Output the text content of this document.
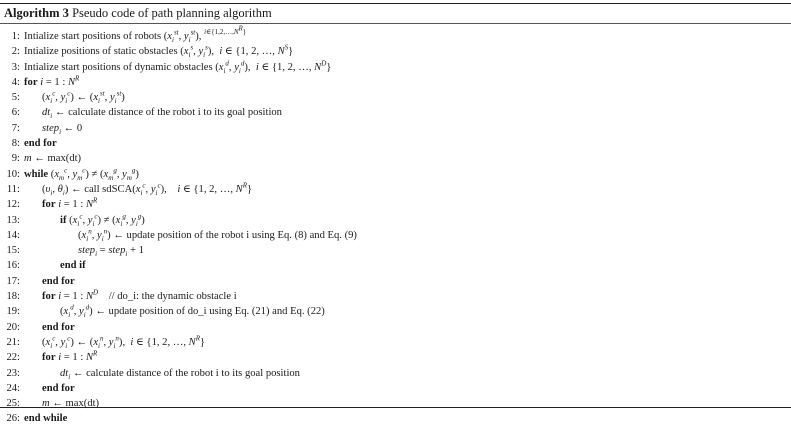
Algorithm 3 Pseudo code of path planning algorithm
1: Intialize start positions of robots ($x_i^{st}$, $y_i^{st}$), $^{i\in\{1,2,\dots,N^R\}}$
2: Intialize positions of static obstacles ($x_i^s$, $y_i^s$),  i ∈ {1, 2, …, $N^S$}
3: Intialize start positions of dynamic obstacles ($x_i^d$, $y_i^d$),  i ∈ {1, 2, …, $N^D$}
4: for i = 1 : $N^R$
5:	($x_i^c$, $y_i^c$) ← ($x_i^{st}$, $y_i^{st}$)
6:	$dt_i$ ← calculate distance of the robot i to its goal position
7:	step$_i$ ← 0
8: end for
9: m ← max(dt)
10: while ($x_m^c$, $y_m^c) \ne (x_m^g$, $y_m^g$)
11:	($\upsilon_i$, $\theta_i$) ← call $sdSCA(x_i^c$, $y_i^c$),    i ∈ {1, 2, …, $N^R$}
12:	for i = 1 : $N^R$
13:	if ($x_i^c$, $y_i^c) \ne (x_i^g$, $y_i^g$)
14:	($x_i^n$, $y_i^n$) ← update position of the robot i using Eq. (8) and Eq. (9)
15:	step$_i$ = step$_i$ + 1
16:	end if
17:	end for
18:	for i = 1 : $N^D$    // do_i: the dynamic obstacle i
19:	($x_i^d$, $y_i^d$) ← update position of do_i using Eq. (21) and Eq. (22)
20:	end for
21:	($x_i^c$, $y_i^c$) ← ($x_i^n$, $y_i^n$),  i ∈ {1, 2, …, $N^R$}
22:	for i = 1 : $N^R$
23:	$dt_i$ ← calculate distance of the robot i to its goal position
24:	end for
25:	m ← max(dt)
26: end while
